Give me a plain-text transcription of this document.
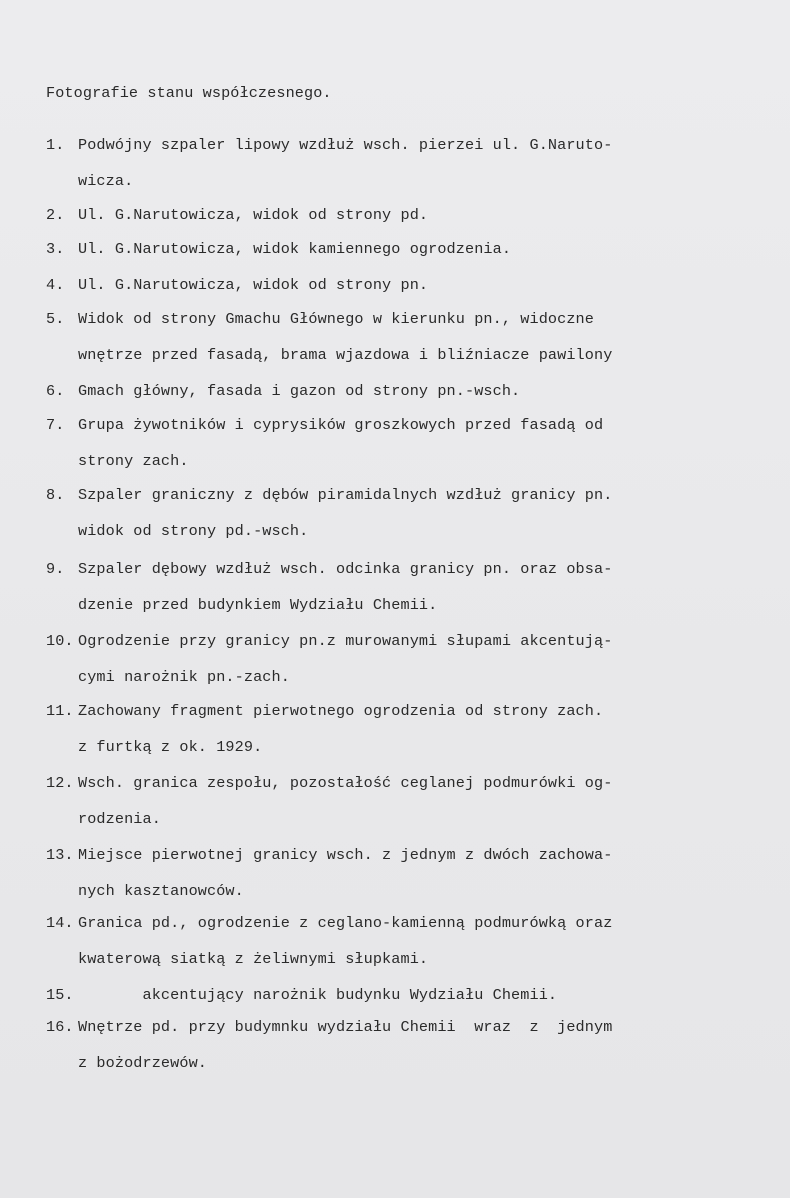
Fotografie stanu współczesnego.
1. Podwójny szpaler lipowy wzdłuż wsch. pierzei ul. G.Naruto-
wicza.
2. Ul. G.Narutowicza, widok od strony pd.
3. Ul. G.Narutowicza, widok kamiennego ogrodzenia.
4. Ul. G.Narutowicza, widok od strony pn.
5. Widok od strony Gmachu Głównego w kierunku pn., widoczne
wnętrze przed fasadą, brama wjazdowa i bliźniacze pawilony
6. Gmach główny, fasada i gazon od strony pn.-wsch.
7. Grupa żywotników i cyprysików groszkowych przed fasadą od
strony zach.
8. Szpaler graniczny z dębów piramidalnych wzdłuż granicy pn.
widok od strony pd.-wsch.
9. Szpaler dębowy wzdłuż wsch. odcinka granicy pn. oraz obsa-
dzenie przed budynkiem Wydziału Chemii.
10. Ogrodzenie przy granicy pn.z murowanymi słupami akcentują-
cymi narożnik pn.-zach.
11. Zachowany fragment pierwotnego ogrodzenia od strony zach.
z furtką z ok. 1929.
12. Wsch. granica zespołu, pozostałość ceglanej podmurówki og-
rodzenia.
13. Miejsce pierwotnej granicy wsch. z jednym z dwóch zachowa-
nych kasztanowców.
14. Granica pd., ogrodzenie z ceglano-kamienną podmurówką oraz
kwaterową siatką z żeliwnymi słupkami.
15. akcentujący narożnik budynku Wydziału Chemii.
16. Wnętrze pd. przy budymnku wydziału Chemii  wraz  z  jednym
z bożodrzewów.
